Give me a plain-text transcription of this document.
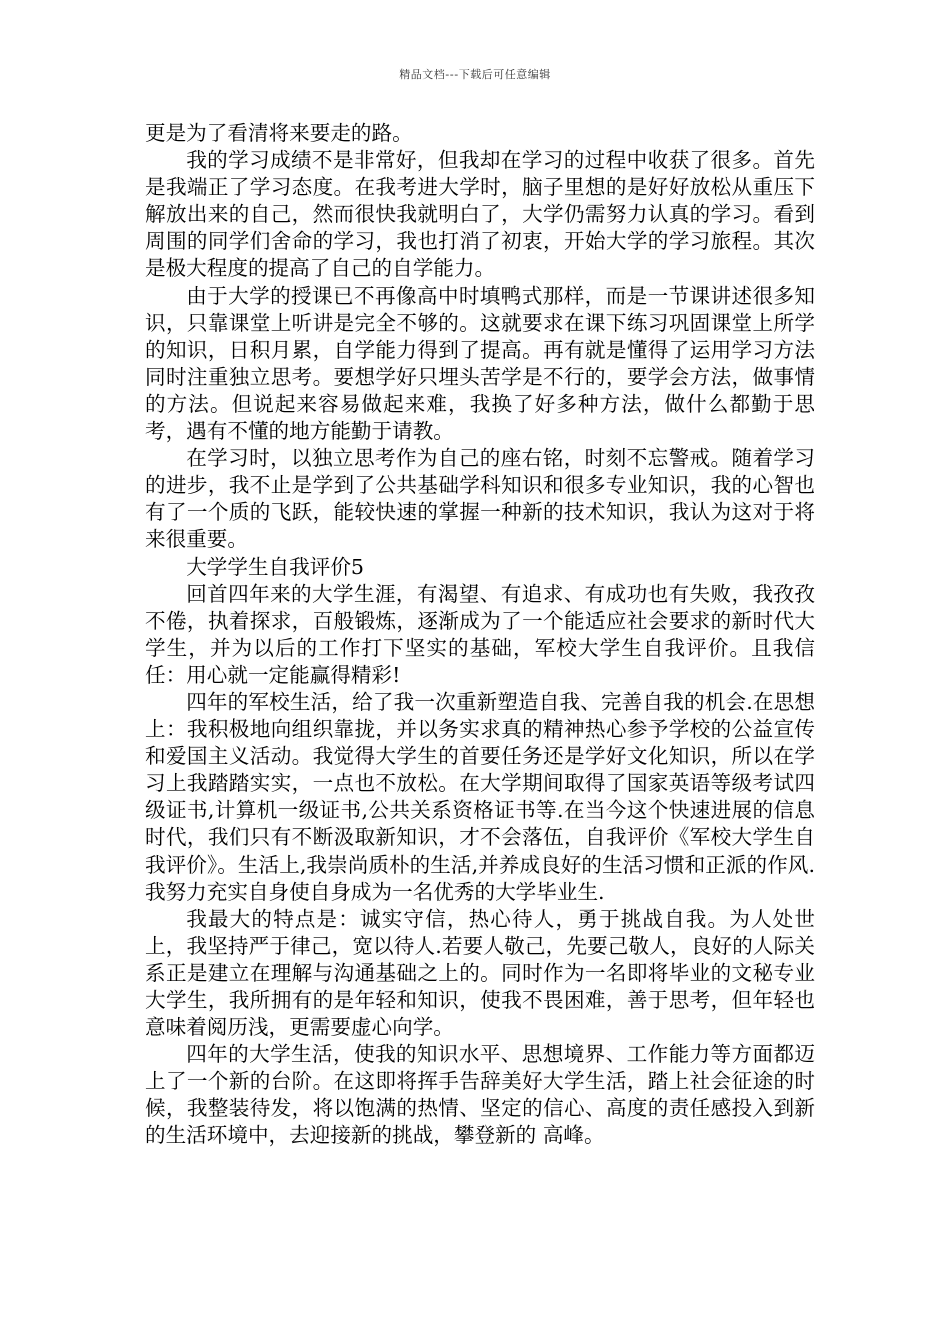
精品文档---下载后可任意编辑

更是为了看清将来要走的路。

我的学习成绩不是非常好，但我却在学习的过程中收获了很多。首先是我端正了学习态度。在我考进大学时，脑子里想的是好好放松从重压下解放出来的自己，然而很快我就明白了，大学仍需努力认真的学习。看到周围的同学们舍命的学习，我也打消了初衷，开始大学的学习旅程。其次是极大程度的提高了自己的自学能力。

由于大学的授课已不再像高中时填鸭式那样，而是一节课讲述很多知识，只靠课堂上听讲是完全不够的。这就要求在课下练习巩固课堂上所学的知识，日积月累，自学能力得到了提高。再有就是懂得了运用学习方法同时注重独立思考。要想学好只埋头苦学是不行的，要学会方法，做事情的方法。但说起来容易做起来难，我换了好多种方法，做什么都勤于思考，遇有不懂的地方能勤于请教。

在学习时，以独立思考作为自己的座右铭，时刻不忘警戒。随着学习的进步，我不止是学到了公共基础学科知识和很多专业知识，我的心智也有了一个质的飞跃，能较快速的掌握一种新的技术知识，我认为这对于将来很重要。

大学学生自我评价5

回首四年来的大学生涯，有渴望、有追求、有成功也有失败，我孜孜不倦，执着探求，百般锻炼，逐渐成为了一个能适应社会要求的新时代大学生，并为以后的工作打下坚实的基础，军校大学生自我评价。且我信任：用心就一定能赢得精彩!

四年的军校生活，给了我一次重新塑造自我、完善自我的机会.在思想上：我积极地向组织靠拢，并以务实求真的精神热心参予学校的公益宣传和爱国主义活动。我觉得大学生的首要任务还是学好文化知识，所以在学习上我踏踏实实，一点也不放松。在大学期间取得了国家英语等级考试四级证书,计算机一级证书,公共关系资格证书等.在当今这个快速进展的信息时代，我们只有不断汲取新知识，才不会落伍，自我评价《军校大学生自我评价》。生活上,我崇尚质朴的生活,并养成良好的生活习惯和正派的作风.我努力充实自身使自身成为一名优秀的大学毕业生.

我最大的特点是：诚实守信，热心待人，勇于挑战自我。为人处世上，我坚持严于律己，宽以待人.若要人敬己，先要己敬人，良好的人际关系正是建立在理解与沟通基础之上的。同时作为一名即将毕业的文秘专业大学生，我所拥有的是年轻和知识，使我不畏困难，善于思考，但年轻也意味着阅历浅，更需要虚心向学。

四年的大学生活，使我的知识水平、思想境界、工作能力等方面都迈上了一个新的台阶。在这即将挥手告辞美好大学生活，踏上社会征途的时候，我整装待发，将以饱满的热情、坚定的信心、高度的责任感投入到新的生活环境中，去迎接新的挑战，攀登新的 高峰。
